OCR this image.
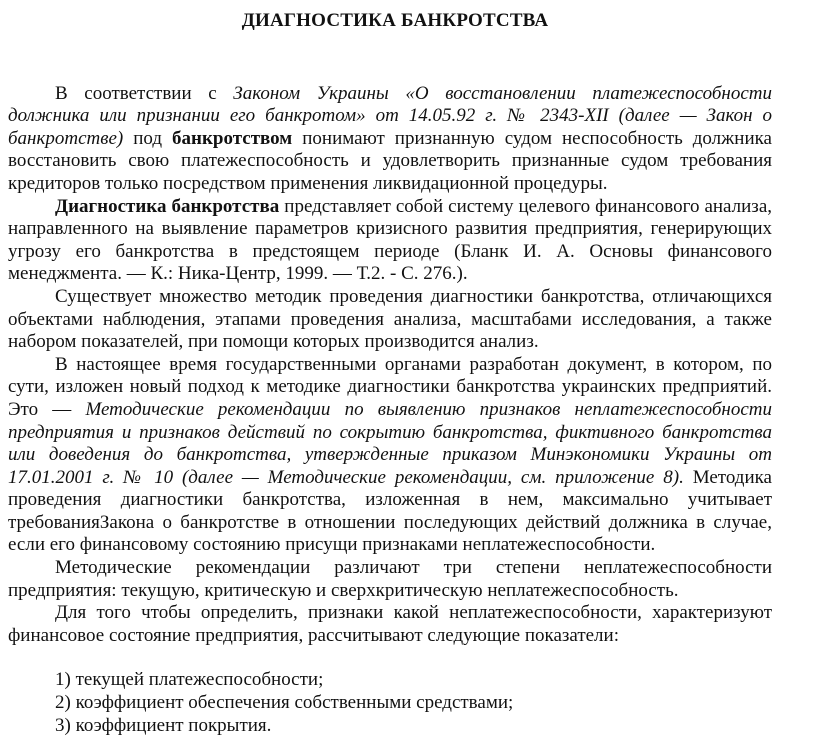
ДИАГНОСТИКА БАНКРОТСТВА

В соответствии с Законом Украины «О восстановлении платежеспособности должника или признании его банкротом» от 14.05.92 г. № 2343-XII (далее — Закон о банкротстве) под банкротством понимают признанную судом неспособность должника восстановить свою платежеспособность и удовлетворить признанные судом требования кредиторов только посредством применения ликвидационной процедуры.

Диагностика банкротства представляет собой систему целевого финансового анализа, направленного на выявление параметров кризисного развития предприятия, генерирующих угрозу его банкротства в предстоящем периоде (Бланк И. А. Основы финансового менеджмента. — К.: Ника-Центр, 1999. — Т.2. - С. 276.).

Существует множество методик проведения диагностики банкротства, отличающихся объектами наблюдения, этапами проведения анализа, масштабами исследования, а также набором показателей, при помощи которых производится анализ.

В настоящее время государственными органами разработан документ, в котором, по сути, изложен новый подход к методике диагностики банкротства украинских предприятий. Это — Методические рекомендации по выявлению признаков неплатежеспособности предприятия и признаков действий по сокрытию банкротства, фиктивного банкротства или доведения до банкротства, утвержденные приказом Минэкономики Украины от 17.01.2001 г. № 10 (далее — Методические рекомендации, см. приложение 8). Методика проведения диагностики банкротства, изложенная в нем, максимально учитывает требованияЗакона о банкротстве в отношении последующих действий должника в случае, если его финансовому состоянию присущи признаками неплатежеспособности.

Методические рекомендации различают три степени неплатежеспособности предприятия: текущую, критическую и сверхкритическую неплатежеспособность.

Для того чтобы определить, признаки какой неплатежеспособности, характеризуют финансовое состояние предприятия, рассчитывают следующие показатели:

1) текущей платежеспособности;
2) коэффициент обеспечения собственными средствами;
3) коэффициент покрытия.
